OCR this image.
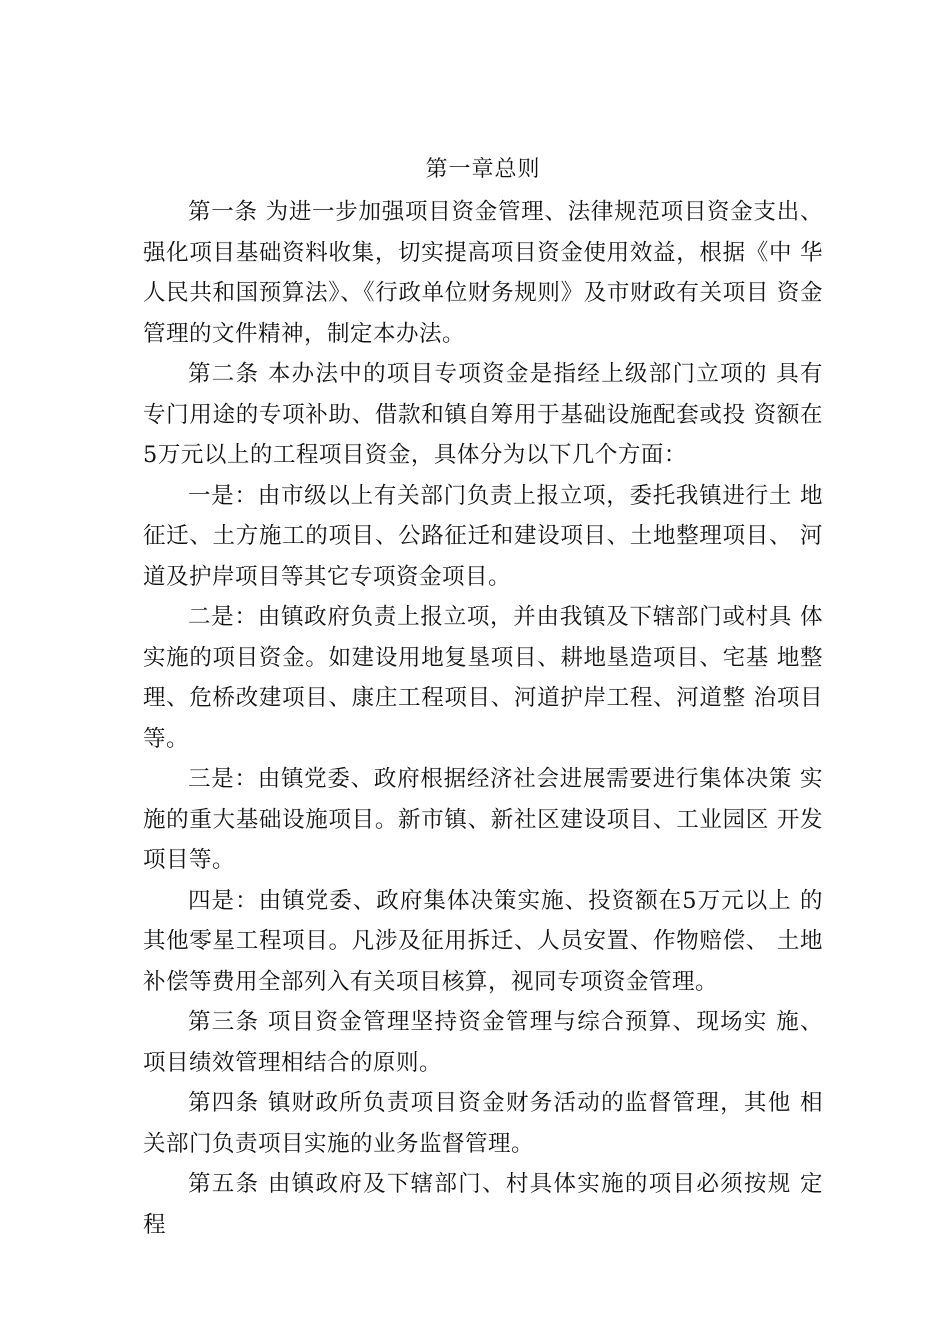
第一章总则

第一条 为进一步加强项目资金管理、法律规范项目资金支出、强化项目基础资料收集，切实提高项目资金使用效益，根据《中 华人民共和国预算法》、《行政单位财务规则》及市财政有关项目 资金管理的文件精神，制定本办法。

第二条 本办法中的项目专项资金是指经上级部门立项的 具有专门用途的专项补助、借款和镇自筹用于基础设施配套或投 资额在5万元以上的工程项目资金，具体分为以下几个方面：

一是：由市级以上有关部门负责上报立项，委托我镇进行土 地征迁、土方施工的项目、公路征迁和建设项目、土地整理项目、 河道及护岸项目等其它专项资金项目。

二是：由镇政府负责上报立项，并由我镇及下辖部门或村具 体实施的项目资金。如建设用地复垦项目、耕地垦造项目、宅基 地整理、危桥改建项目、康庄工程项目、河道护岸工程、河道整 治项目等。

三是：由镇党委、政府根据经济社会进展需要进行集体决策 实施的重大基础设施项目。新市镇、新社区建设项目、工业园区 开发项目等。

四是：由镇党委、政府集体决策实施、投资额在5万元以上 的其他零星工程项目。凡涉及征用拆迁、人员安置、作物赔偿、 土地补偿等费用全部列入有关项目核算，视同专项资金管理。

第三条 项目资金管理坚持资金管理与综合预算、现场实 施、项目绩效管理相结合的原则。

第四条 镇财政所负责项目资金财务活动的监督管理，其他 相关部门负责项目实施的业务监督管理。

第五条 由镇政府及下辖部门、村具体实施的项目必须按规 定程
